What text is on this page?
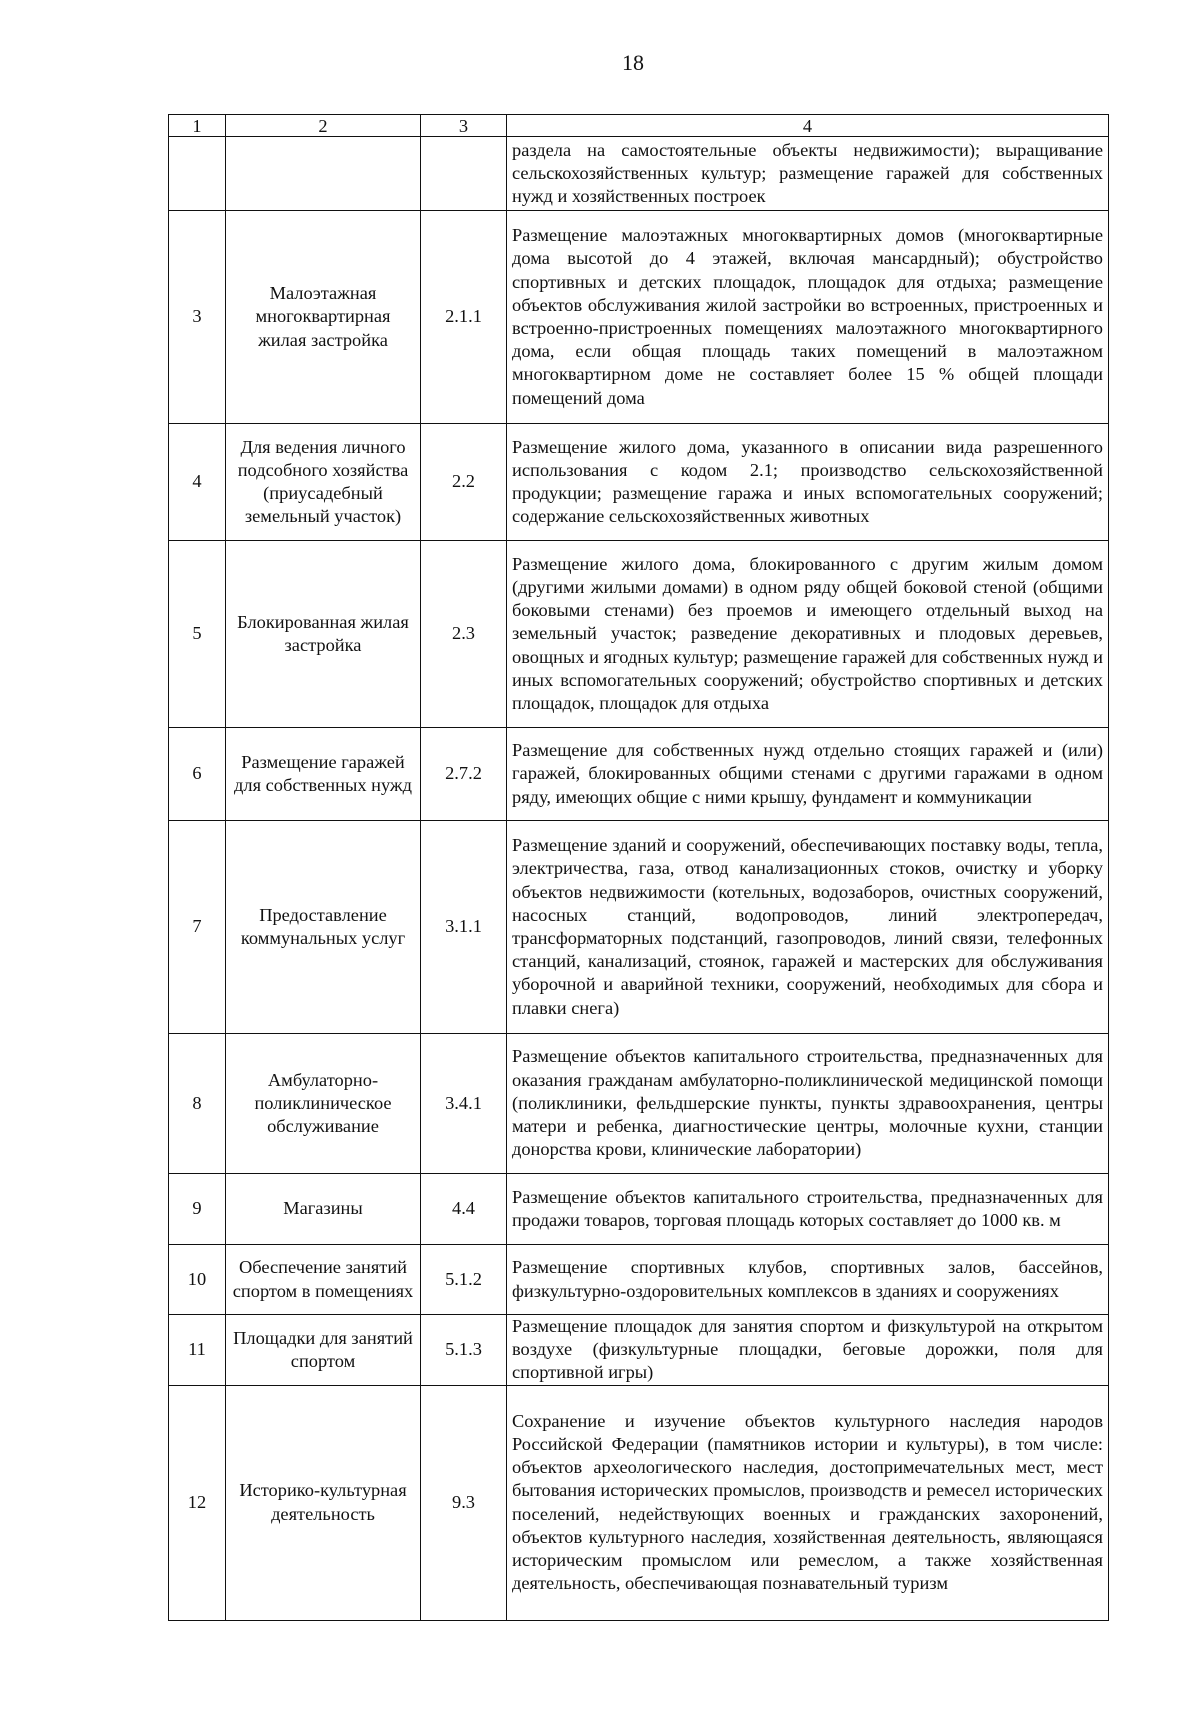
18
1	2	3	4
			раздела на самостоятельные объекты недвижимости); выращивание сельскохозяйственных культур; размещение гаражей для собственных нужд и хозяйственных построек
3	Малоэтажная многоквартирная жилая застройка	2.1.1	Размещение малоэтажных многоквартирных домов (многоквартирные дома высотой до 4 этажей, включая мансардный); обустройство спортивных и детских площадок, площадок для отдыха; размещение объектов обслуживания жилой застройки во встроенных, пристроенных и встроенно-пристроенных помещениях малоэтажного многоквартирного дома, если общая площадь таких помещений в малоэтажном многоквартирном доме не составляет более 15 % общей площади помещений дома
4	Для ведения личного подсобного хозяйства (приусадебный земельный участок)	2.2	Размещение жилого дома, указанного в описании вида разрешенного использования с кодом 2.1; производство сельскохозяйственной продукции; размещение гаража и иных вспомогательных сооружений; содержание сельскохозяйственных животных
5	Блокированная жилая застройка	2.3	Размещение жилого дома, блокированного с другим жилым домом (другими жилыми домами) в одном ряду общей боковой стеной (общими боковыми стенами) без проемов и имеющего отдельный выход на земельный участок; разведение декоративных и плодовых деревьев, овощных и ягодных культур; размещение гаражей для собственных нужд и иных вспомогательных сооружений; обустройство спортивных и детских площадок, площадок для отдыха
6	Размещение гаражей для собственных нужд	2.7.2	Размещение для собственных нужд отдельно стоящих гаражей и (или) гаражей, блокированных общими стенами с другими гаражами в одном ряду, имеющих общие с ними крышу, фундамент и коммуникации
7	Предоставление коммунальных услуг	3.1.1	Размещение зданий и сооружений, обеспечивающих поставку воды, тепла, электричества, газа, отвод канализационных стоков, очистку и уборку объектов недвижимости (котельных, водозаборов, очистных сооружений, насосных станций, водопроводов, линий электропередач, трансформаторных подстанций, газопроводов, линий связи, телефонных станций, канализаций, стоянок, гаражей и мастерских для обслуживания уборочной и аварийной техники, сооружений, необходимых для сбора и плавки снега)
8	Амбулаторно-поликлиническое обслуживание	3.4.1	Размещение объектов капитального строительства, предназначенных для оказания гражданам амбулаторно-поликлинической медицинской помощи (поликлиники, фельдшерские пункты, пункты здравоохранения, центры матери и ребенка, диагностические центры, молочные кухни, станции донорства крови, клинические лаборатории)
9	Магазины	4.4	Размещение объектов капитального строительства, предназначенных для продажи товаров, торговая площадь которых составляет до 1000 кв. м
10	Обеспечение занятий спортом в помещениях	5.1.2	Размещение спортивных клубов, спортивных залов, бассейнов, физкультурно-оздоровительных комплексов в зданиях и сооружениях
11	Площадки для занятий спортом	5.1.3	Размещение площадок для занятия спортом и физкультурой на открытом воздухе (физкультурные площадки, беговые дорожки, поля для спортивной игры)
12	Историко-культурная деятельность	9.3	Сохранение и изучение объектов культурного наследия народов Российской Федерации (памятников истории и культуры), в том числе: объектов археологического наследия, достопримечательных мест, мест бытования исторических промыслов, производств и ремесел исторических поселений, недействующих военных и гражданских захоронений, объектов культурного наследия, хозяйственная деятельность, являющаяся историческим промыслом или ремеслом, а также хозяйственная деятельность, обеспечивающая познавательный туризм
